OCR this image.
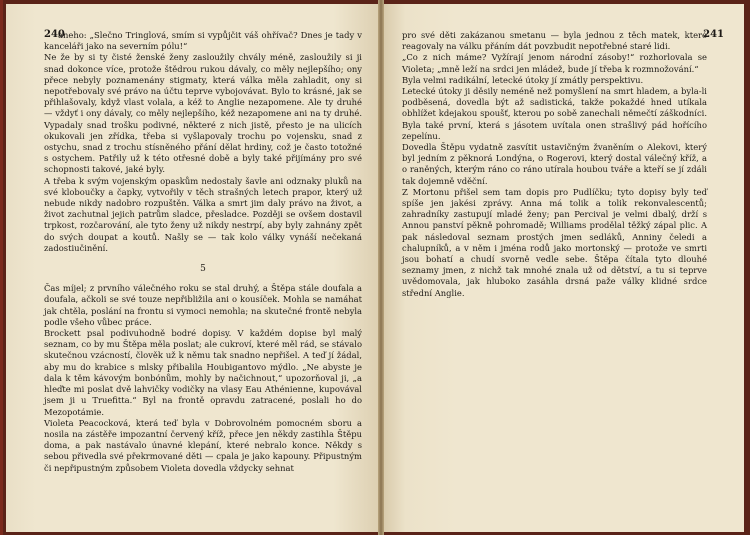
240

aneho: „Slečno Tringlová, smím si vypůjčit váš ohřívač? Dnes je tady v kanceláři jako na severním pólu!“

Ne že by si ty čisté ženské ženy zasloužily chvály méně, zasloužily si ji snad dokonce více, protože štědrou rukou dávaly, co měly nejlepšího; ony přece nebyly poznamenány stigmaty, která válka měla zahladit, ony si nepotřebovaly své právo na účtu teprve vybojovávat. Bylo to krásné, jak se přihlašovaly, když vlast volala, a kéž to Anglie nezapomene. Ale ty druhé — vždyť i ony dávaly, co měly nejlepšího, kéž nezapomene ani na ty druhé. Vypadaly snad trošku podivné, některé z nich jistě, přesto je na ulicích okukovali jen zřídka, třeba si vyšlapovaly trochu po vojensku, snad z ostychu, snad z trochu stísněného přání dělat hrdiny, což je často totožné s ostychem. Patřily už k této otřesné době a byly také přijímány pro své schopnosti takové, jaké byly.

A třeba k svým vojenským opaskům nedostaly šavle ani odznaky pluků na své kloboučky a čapky, vytvořily v těch strašných letech prapor, který už nebude nikdy nadobro rozpuštěn. Válka a smrt jim daly právo na život, a život zachutnal jejich patrům sladce, přesladce. Později se ovšem dostavil trpkost, rozčarování, ale tyto ženy už nikdy nestrpí, aby byly zahnány zpět do svých doupat a koutů. Našly se — tak kolo války vynáší nečekaná zadostiučinění.

5

Čas míjel; z prvního válečného roku se stal druhý, a Štěpa stále doufala a doufala, ačkoli se své touze nepřibližila ani o kousíček. Mohla se namáhat jak chtěla, poslání na frontu si vymoci nemohla; na skutečné frontě nebyla podle všeho vůbec práce.

Brockett psal podivuhodně bodré dopisy. V každém dopise byl malý seznam, co by mu Štěpa měla poslat; ale cukroví, které měl rád, se stávalo skutečnou vzácností, člověk už k němu tak snadno nepřišel. A teď jí žádal, aby mu do krabice s mlsky přibalila Houbigantovo mýdlo. „Ne abyste je dala k těm kávovým bonbónům, mohly by načichnout,“ upozorňoval ji, „a hleďte mi poslat dvě lahvičky vodičky na vlasy Eau Athénienne, kupovával jsem ji u Truefitta.“ Byl na frontě opravdu zatracené, poslali ho do Mezopotámie.

Violeta Peacocková, která teď byla v Dobrovolném pomocném sboru a nosila na zástěře impozantní červený kříž, přece jen někdy zastihla Štěpu doma, a pak nastávalo únavné klepání, které nebralo konce. Někdy s sebou přivedla své překrmované děti — cpala je jako kapouny. Připustným či nepřipustným způsobem Violeta dovedla vždycky sehnat

241

pro své děti zakázanou smetanu — byla jednou z těch matek, které reagovaly na válku přáním dát povzbudit nepotřebné staré lidi.

„Co z nich máme? Vyžírají jenom národní zásoby!“ rozhorlovala se Violeta; „mně leží na srdci jen mládež, bude jí třeba k rozmnožování.“

Byla velmi radikální, letecké útoky jí zmátly perspektivu.

Letecké útoky ji děsily neméně než pomyšlení na smrt hladem, a byla-li podběsená, dovedla být až sadistická, takže pokaždé hned utíkala obhlížet kdejakou spoušť, kterou po sobě zanechali němečtí záškodníci. Byla také první, která s jásotem uvítala onen strašlivý pád hořícího zepelínu.

Dovedla Štěpu vydatně zasvítit ustavičným žvaněním o Alekovi, který byl jedním z pěknorá Londýna, o Rogerovi, který dostal válečný kříž, a o raněných, kterým ráno co ráno utírala houbou tváře a kteří se jí zdáli tak dojemně vděční.

Z Mortonu přišel sem tam dopis pro Pudlíčku; tyto dopisy byly teď spíše jen jakési zprávy. Anna má tolik a tolik rekonvalescentů; zahradníky zastupují mladé ženy; pan Percival je velmi dbalý, drží s Annou panství pěkně pohromadě; Williams prodělal těžký zápal plic. A pak následoval seznam prostých jmen sedláků, Anniny čeledi a chalupníků, a v něm i jména rodů jako mortonský — protože ve smrti jsou bohatí a chudí svorně vedle sebe. Štěpa čítala tyto dlouhé seznamy jmen, z nichž tak mnohé znala už od dětství, a tu si teprve uvědomovala, jak hluboko zasáhla drsná paže války klidné srdce střední Anglie.
